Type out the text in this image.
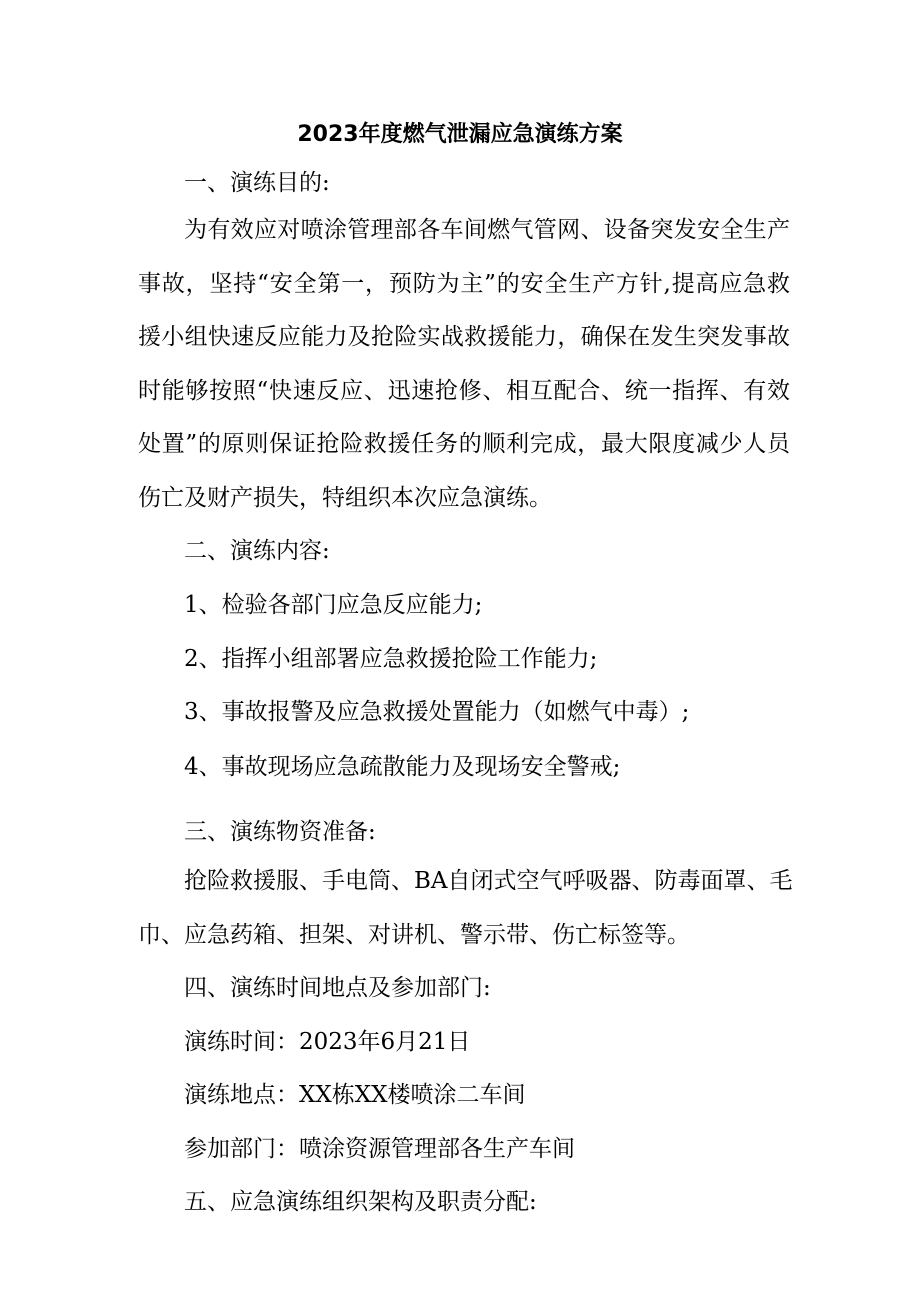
2023年度燃气泄漏应急演练方案
一、演练目的:
为有效应对喷涂管理部各车间燃气管网、设备突发安全生产
事故，坚持“安全第一，预防为主”的安全生产方针,提高应急救
援小组快速反应能力及抢险实战救援能力，确保在发生突发事故
时能够按照“快速反应、迅速抢修、相互配合、统一指挥、有效
处置”的原则保证抢险救援任务的顺利完成，最大限度减少人员
伤亡及财产损失，特组织本次应急演练。
二、演练内容:
1、检验各部门应急反应能力;
2、指挥小组部署应急救援抢险工作能力;
3、事故报警及应急救援处置能力（如燃气中毒）;
4、事故现场应急疏散能力及现场安全警戒;
三、演练物资准备:
抢险救援服、手电筒、BA自闭式空气呼吸器、防毒面罩、毛
巾、应急药箱、担架、对讲机、警示带、伤亡标签等。
四、演练时间地点及参加部门:
演练时间：2023年6月21日
演练地点：XX栋XX楼喷涂二车间
参加部门：喷涂资源管理部各生产车间
五、应急演练组织架构及职责分配:
